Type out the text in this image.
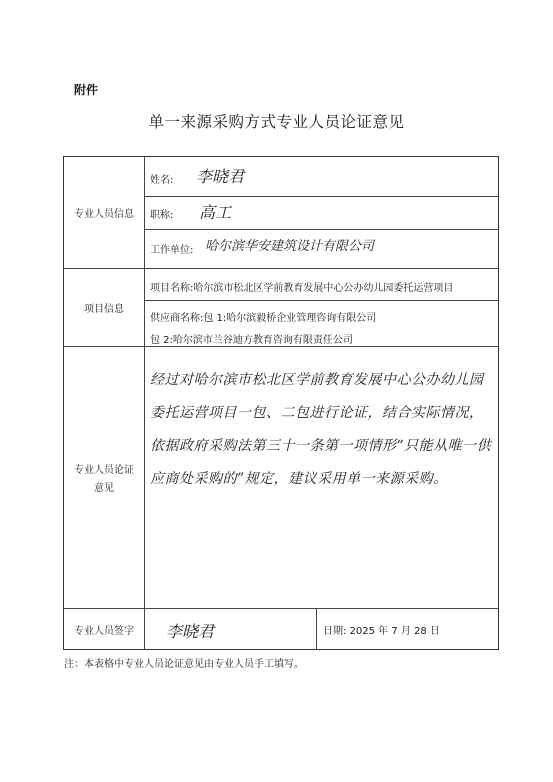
附件
单一来源采购方式专业人员论证意见
专业人员信息
项目信息
专业人员论证意见
专业人员签字
姓名: 李晓君
职称: 高工
工作单位: 哈尔滨华安建筑设计有限公司
项目名称:哈尔滨市松北区学前教育发展中心公办幼儿园委托运营项目
供应商名称:包 1:哈尔滨毅桥企业管理咨询有限公司
包 2:哈尔滨市兰谷迪方教育咨询有限责任公司
经过对哈尔滨市松北区学前教育发展中心公办幼儿园委托运营项目一包、二包进行论证，结合实际情况，依据政府采购法第三十一条第一项情形“只能从唯一供应商处采购的”规定，建议采用单一来源采购。
李晓君	日期: 2025 年 7 月 28 日
注：本表格中专业人员论证意见由专业人员手工填写。
